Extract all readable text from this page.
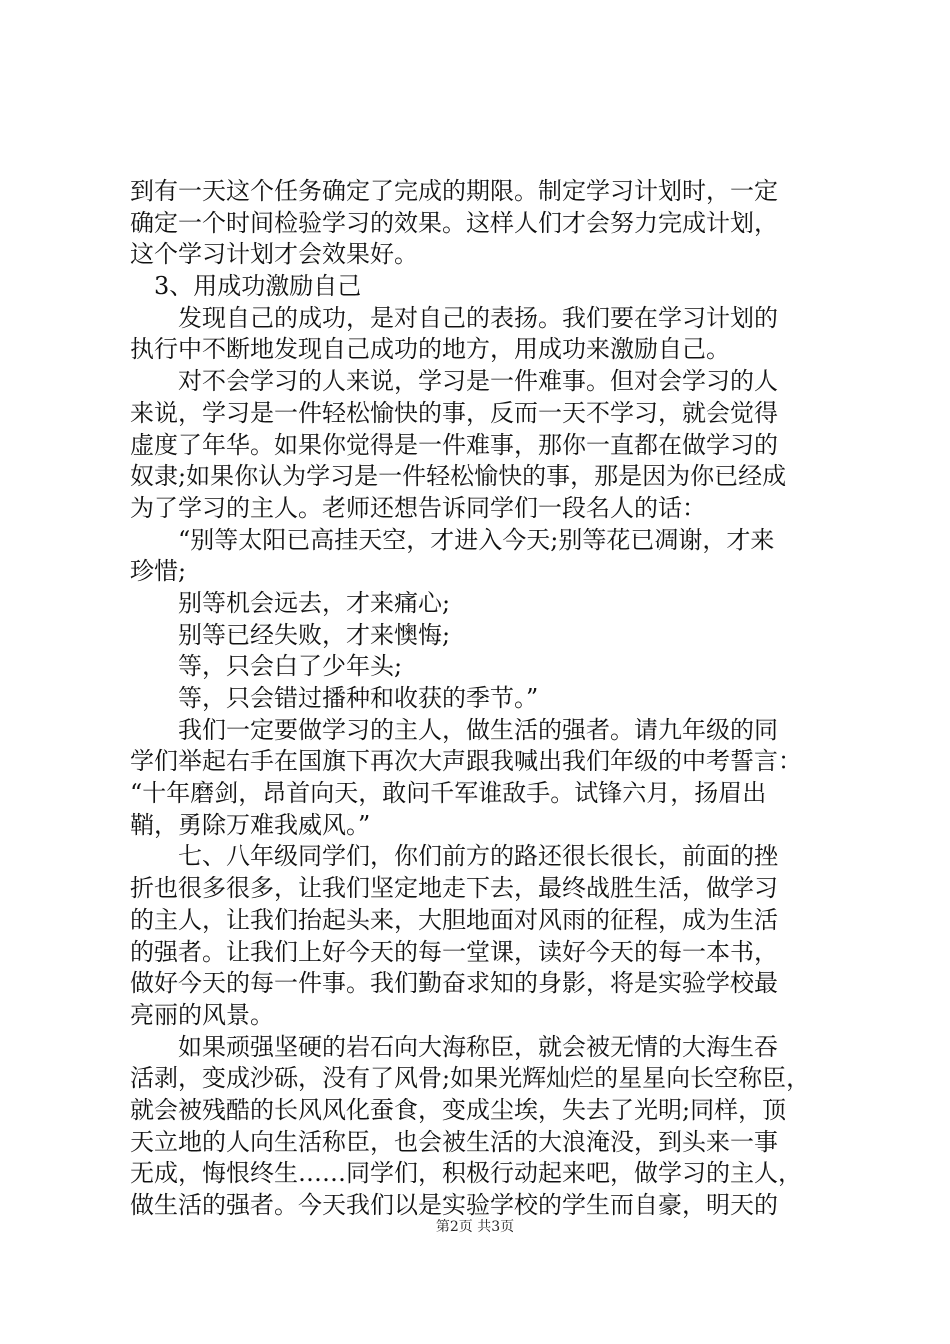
到有一天这个任务确定了完成的期限。制定学习计划时，一定
确定一个时间检验学习的效果。这样人们才会努力完成计划，
这个学习计划才会效果好。
　3、用成功激励自己
　　发现自己的成功，是对自己的表扬。我们要在学习计划的
执行中不断地发现自己成功的地方，用成功来激励自己。
　　对不会学习的人来说，学习是一件难事。但对会学习的人
来说，学习是一件轻松愉快的事，反而一天不学习，就会觉得
虚度了年华。如果你觉得是一件难事，那你一直都在做学习的
奴隶;如果你认为学习是一件轻松愉快的事，那是因为你已经成
为了学习的主人。老师还想告诉同学们一段名人的话：
　　“别等太阳已高挂天空，才进入今天;别等花已凋谢，才来
珍惜;
　　别等机会远去，才来痛心;
　　别等已经失败，才来懊悔;
　　等，只会白了少年头;
　　等，只会错过播种和收获的季节。”
　　我们一定要做学习的主人，做生活的强者。请九年级的同
学们举起右手在国旗下再次大声跟我喊出我们年级的中考誓言：
“十年磨剑，昂首向天，敢问千军谁敌手。试锋六月，扬眉出
鞘，勇除万难我威风。”
　　七、八年级同学们，你们前方的路还很长很长，前面的挫
折也很多很多，让我们坚定地走下去，最终战胜生活，做学习
的主人，让我们抬起头来，大胆地面对风雨的征程，成为生活
的强者。让我们上好今天的每一堂课，读好今天的每一本书，
做好今天的每一件事。我们勤奋求知的身影，将是实验学校最
亮丽的风景。
　　如果顽强坚硬的岩石向大海称臣，就会被无情的大海生吞
活剥，变成沙砾，没有了风骨;如果光辉灿烂的星星向长空称臣，
就会被残酷的长风风化蚕食，变成尘埃，失去了光明;同样，顶
天立地的人向生活称臣，也会被生活的大浪淹没，到头来一事
无成，悔恨终生……同学们，积极行动起来吧，做学习的主人，
做生活的强者。今天我们以是实验学校的学生而自豪，明天的
第2页 共3页
